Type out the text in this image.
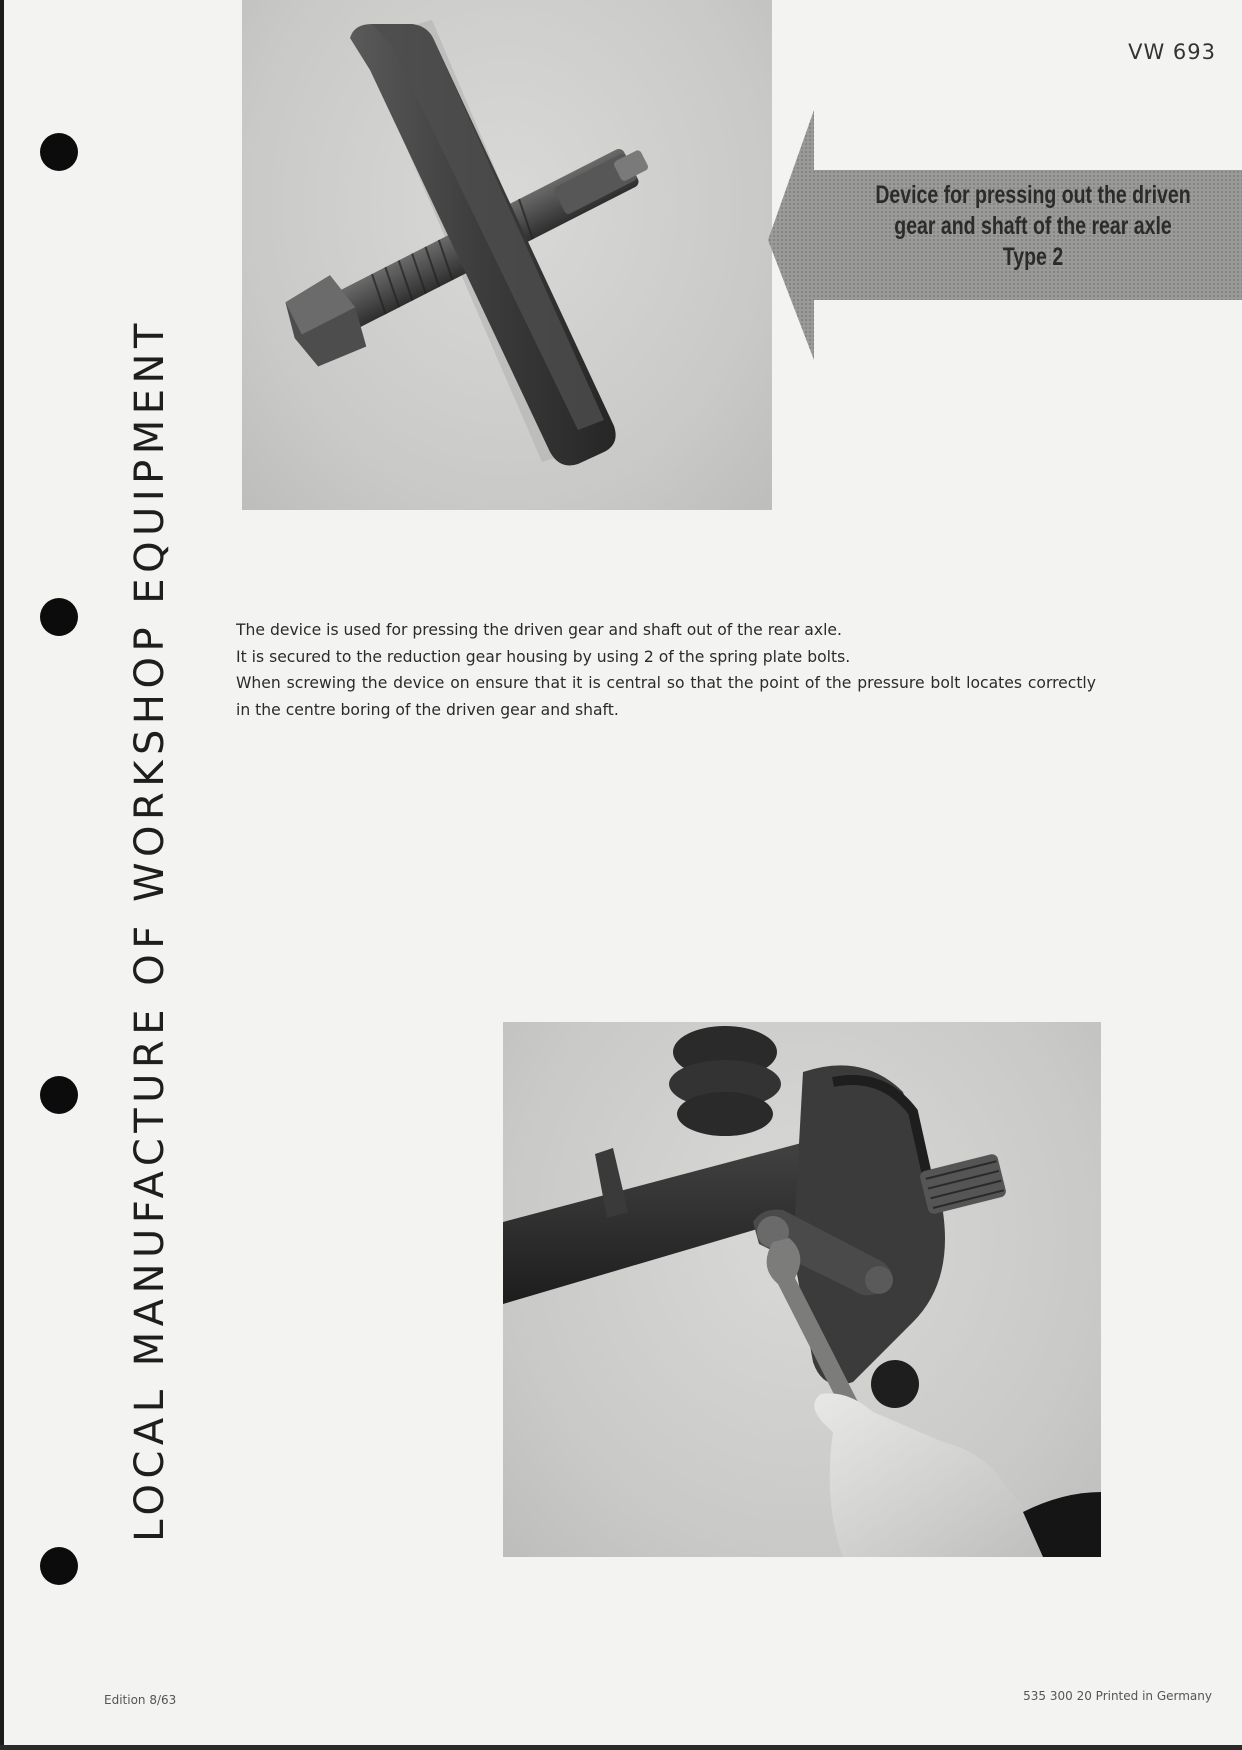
LOCAL MANUFACTURE OF WORKSHOP EQUIPMENT
VW 693
Device for pressing out the driven
gear and shaft of the rear axle
Type 2

The device is used for pressing the driven gear and shaft out of the rear axle.

It is secured to the reduction gear housing by using 2 of the spring plate bolts.

When screwing the device on ensure that it is central so that the point of the pressure bolt locates correctly in the centre boring of the driven gear and shaft.

Edition 8/63	535 300 20 Printed in Germany
